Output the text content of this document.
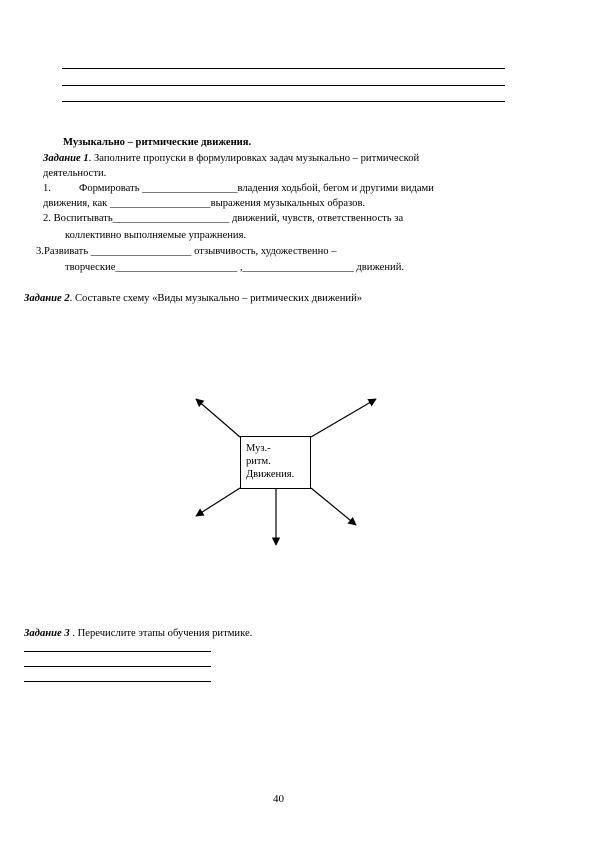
Музыкально – ритмические движения.
Задание 1. Заполните пропуски в формулировках задач музыкально – ритмической
деятельности.
1.	Формировать __________________владения ходьбой, бегом и другими видами
движения, как ___________________выражения музыкальных образов.
2. Воспитывать______________________ движений, чувств, ответственность за
коллективно выполняемые упражнения.
3.Развивать ___________________ отзывчивость, художественно –
творческие_______________________ ,_____________________ движений.
Задание 2. Составьте схему «Виды музыкально – ритмических движений»
Муз.-
ритм.
Движения.
Задание 3 . Перечислите этапы обучения ритмике.
40
